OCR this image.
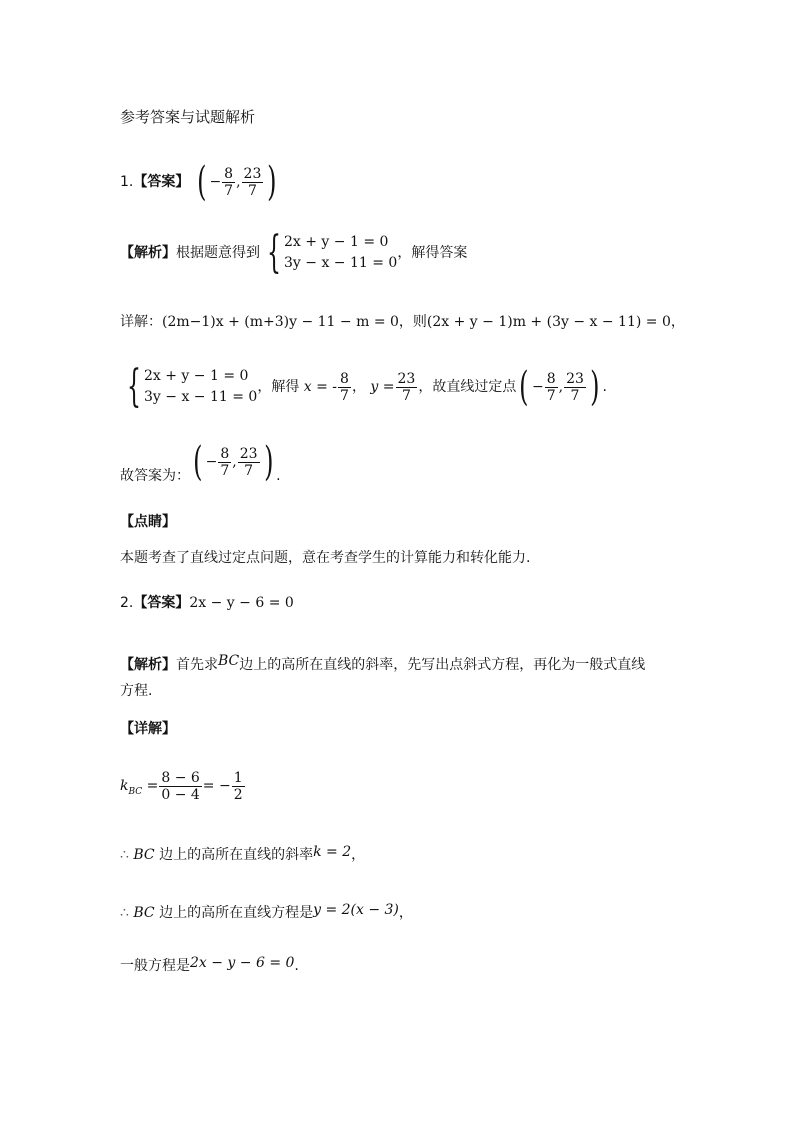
参考答案与试题解析
1.【答案】 ( − $\frac{8}{7}$ , $\frac{23}{7}$ )
【解析】根据题意得到 { 2x + y − 1 = 0
3y − x − 11 = 0
，解得答案
详解：(2m−1)x + (m+3)y − 11 − m = 0，则(2x + y − 1)m + (3y − x − 11) = 0，
{ 2x + y − 1 = 0
3y − x − 11 = 0
，解得 x = - $\frac{8}{7}$ ， $y = \frac{23}{7}$ ，故直线过定点( − $\frac{8}{7}$ , $\frac{23}{7}$ ) .
故答案为：( − $\frac{8}{7}$ , $\frac{23}{7}$ ) .
【点睛】
本题考查了直线过定点问题，意在考查学生的计算能力和转化能力.
2.【答案】2x − y − 6 = 0
【解析】首先求BC边上的高所在直线的斜率，先写出点斜式方程，再化为一般式直线
方程.
【详解】
$k_{BC} = \frac{8 - 6}{0 - 4}$ = − $\frac{1}{2}$
∴ BC 边上的高所在直线的斜率k = 2，
∴ BC 边上的高所在直线方程是y = 2(x − 3)，
一般方程是2x − y − 6 = 0.
